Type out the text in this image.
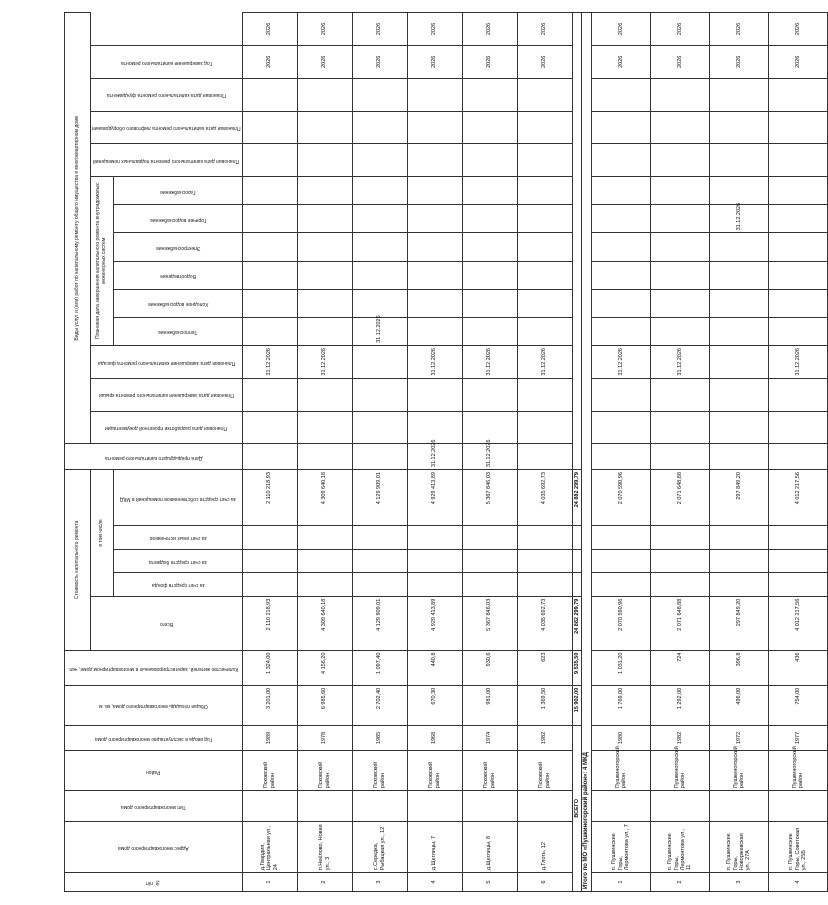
№ п/п	Адрес многоквартирного дома	Тип многоквартирного дома	Район	Год ввода в эксплуатацию многоквартирного дома	Общая площадь многоквартирного дома, кв. м	Количество жителей, зарегистрированных в многоквартирном доме, чел.	Стоимость капитального ремонта					Дата предыдущего капитального ремонта	Виды услуг и (или) работ по капитальному ремонту общего имущества в многоквартирном доме													

							Всего	в том числе					Плановая дата разработки проектной документации	Плановая дата завершения капитального ремонта крыши	Плановая дата завершения капитального ремонта фасада	Плановая дата завершения капитального ремонта внутридомовых инженерных систем						Плановая дата капитального ремонта подвальных помещений	Плановая дата капитального ремонта лифтового оборудования	Плановая дата капитального ремонта фундамента	Год завершения капитального ремонта	

								за счет средств фонда	за счет средств бюджета	за счет иных источников	за счет средств собственников помещений в МКД					Теплоснабжение	Холодное водоснабжение	Водоотведение	Электроснабжение	Горячее водоснабжение	Газоснабжение					

1	д.Гвардия, Центральная ул., 24		Псковский район	1989	3 201,00	1 324,00	2 110 218,93				2 110 218,93				31.12.2026										2026	2026
2	п.Неёлово, Новая ул., 3		Псковский район	1978	6 985,60	4 156,20	4 309 640,18				4 309 640,18				31.12.2026										2026	2026
3	с.Середка, Рыбацкая ул., 12		Псковский район	1985	2 702,40	1 097,40	4 129 909,01				4 129 909,01					31.12.2026									2026	2026
4	д.Щеглицы, 7		Псковский район	1968	670,30	440,8	4 929 413,89				4 929 413,89	31.12.2026			31.12.2026										2026	2026
5	д.Щеглицы, 8		Псковский район	1974	981,00	930,6	5 367 846,03				5 367 846,03	31.12.2026			31.12.2026										2026	2026
6	д.Глоть, 12		Псковский район	1982	1 369,50	623	4 035 692,73				4 035 692,73				31.12.2026										2026	2026
ВСЕГО					15 902,00	9 535,50	24 882 299,79				24 882 299,79															
Итого по МО «Пушкиногорский район»: 4 МКД																										
1	п. Пушкинские Горы, Лермонтова ул., 7		Пушкиногорский район	1980	1 769,00	1 031,20	2 070 590,96				2 070 590,96				31.12.2026										2026	2026
2	п. Пушкинские Горы, Лермонтова ул., 11		Пушкиногорский район	1982	1 292,00	724	2 071 648,88				2 071 648,88				31.12.2026										2026	2026
3	п. Пушкинские Горы, Новоржевская ул., 27А		Пушкиногорский район	1972	496,00	396,8	297 849,20				297 849,20									31.12.2026					2026	2026
4	п. Пушкинские Горы, Советская ул., 25Б		Пушкиногорский район	1977	754,00	436	4 012 217,56				4 012 217,56				31.12.2026										2026	2026
